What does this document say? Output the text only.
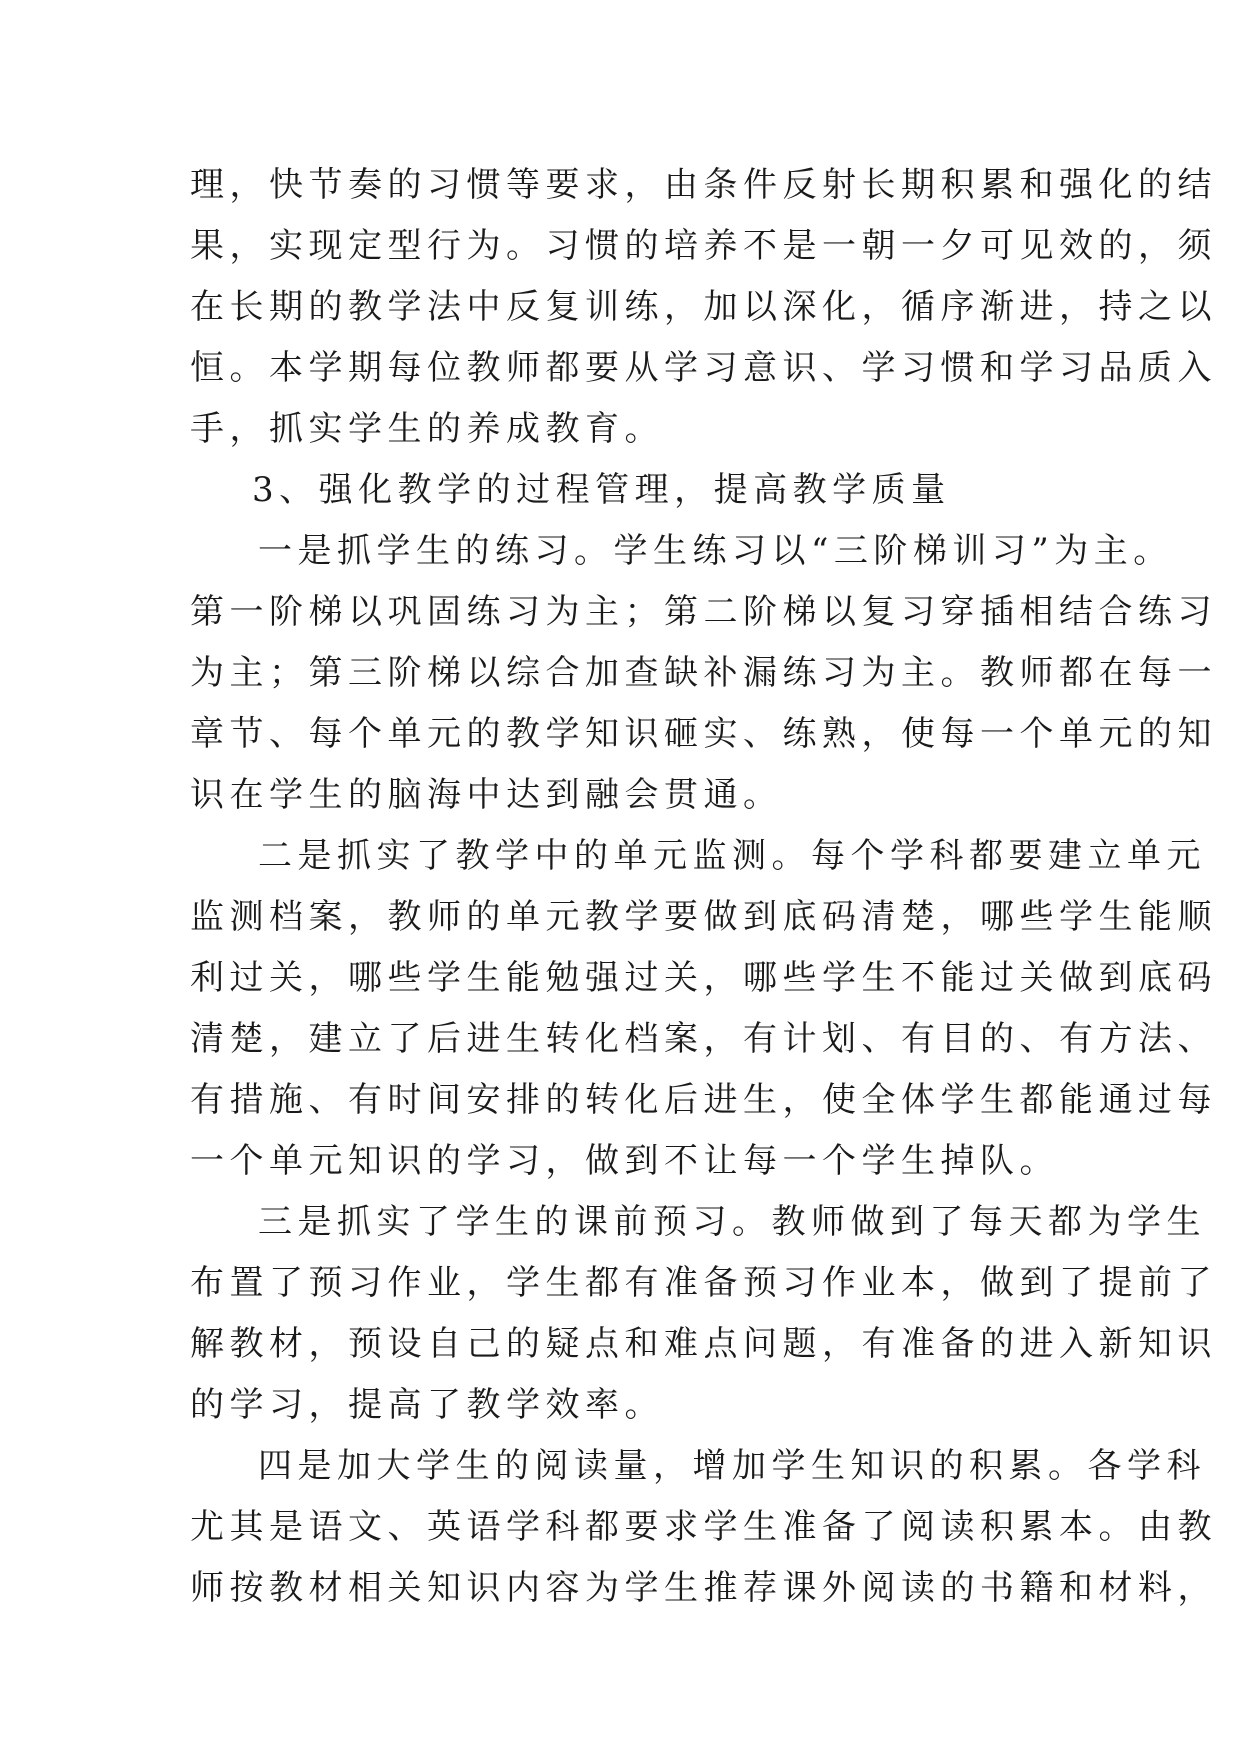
理，快节奏的习惯等要求，由条件反射长期积累和强化的结
果，实现定型行为。习惯的培养不是一朝一夕可见效的，须
在长期的教学法中反复训练，加以深化，循序渐进，持之以
恒。本学期每位教师都要从学习意识、学习惯和学习品质入
手，抓实学生的养成教育。
3、强化教学的过程管理，提高教学质量
一是抓学生的练习。学生练习以“三阶梯训习”为主。
第一阶梯以巩固练习为主；第二阶梯以复习穿插相结合练习
为主；第三阶梯以综合加查缺补漏练习为主。教师都在每一
章节、每个单元的教学知识砸实、练熟，使每一个单元的知
识在学生的脑海中达到融会贯通。
二是抓实了教学中的单元监测。每个学科都要建立单元
监测档案，教师的单元教学要做到底码清楚，哪些学生能顺
利过关，哪些学生能勉强过关，哪些学生不能过关做到底码
清楚，建立了后进生转化档案，有计划、有目的、有方法、
有措施、有时间安排的转化后进生，使全体学生都能通过每
一个单元知识的学习，做到不让每一个学生掉队。
三是抓实了学生的课前预习。教师做到了每天都为学生
布置了预习作业，学生都有准备预习作业本，做到了提前了
解教材，预设自己的疑点和难点问题，有准备的进入新知识
的学习，提高了教学效率。
四是加大学生的阅读量，增加学生知识的积累。各学科
尤其是语文、英语学科都要求学生准备了阅读积累本。由教
师按教材相关知识内容为学生推荐课外阅读的书籍和材料，
